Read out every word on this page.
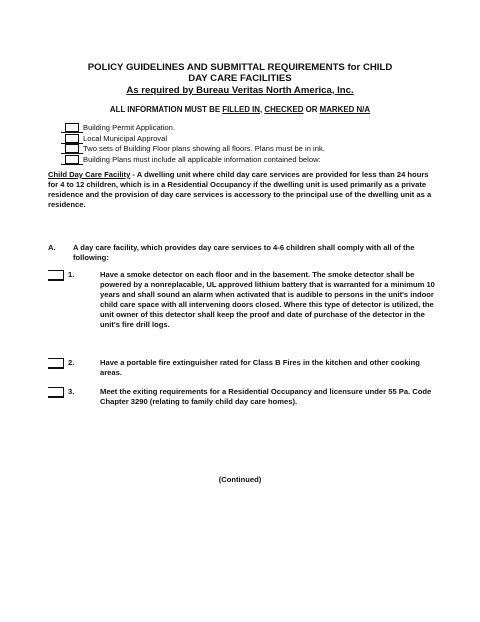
POLICY GUIDELINES AND SUBMITTAL REQUIREMENTS for CHILD
DAY CARE FACILITIES
As required by Bureau Veritas North America, Inc.
ALL INFORMATION MUST BE FILLED IN, CHECKED OR MARKED N/A
Building Permit Application.
Local Municipal Approval
Two sets of Building Floor plans showing all floors. Plans must be in ink.
Building Plans must include all applicable information contained below:
Child Day Care Facility - A dwelling unit where child day care services are provided for less than 24 hours for 4 to 12 children, which is in a Residential Occupancy if the dwelling unit is used primarily as a private residence and the provision of day care services is accessory to the principal use of the dwelling unit as a residence.
A. A day care facility, which provides day care services to 4-6 children shall comply with all of the following:
1.	Have a smoke detector on each floor and in the basement. The smoke detector shall be powered by a nonreplacable, UL approved lithium battery that is warranted for a minimum 10 years and shall sound an alarm when activated that is audible to persons in the unit's indoor child care space with all intervening doors closed. Where this type of detector is utilized, the unit owner of this detector shall keep the proof and date of purchase of the detector in the unit's fire drill logs.
2.	Have a portable fire extinguisher rated for Class B Fires in the kitchen and other cooking areas.
3.	Meet the exiting requirements for a Residential Occupancy and licensure under 55 Pa. Code Chapter 3290 (relating to family child day care homes).
(Continued)
